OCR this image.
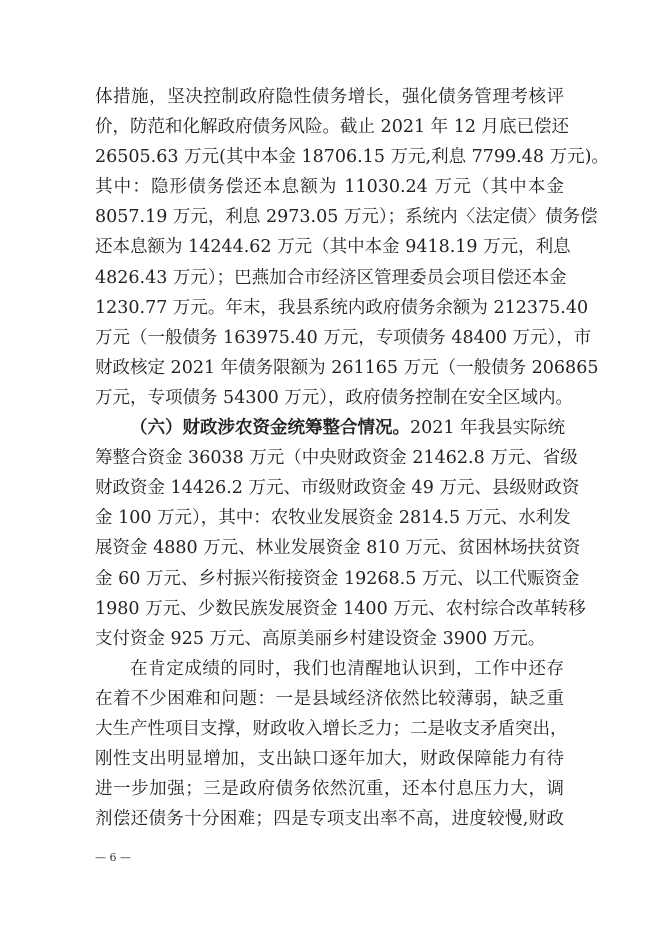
体措施，坚决控制政府隐性债务增长，强化债务管理考核评
价，防范和化解政府债务风险。截止 2021 年 12 月底已偿还
26505.63 万元(其中本金 18706.15 万元,利息 7799.48 万元)。
其中：隐形债务偿还本息额为 11030.24 万元（其中本金
8057.19 万元，利息 2973.05 万元）；系统内〈法定债〉债务偿
还本息额为 14244.62 万元（其中本金 9418.19 万元，利息
4826.43 万元）；巴燕加合市经济区管理委员会项目偿还本金
1230.77 万元。年末，我县系统内政府债务余额为 212375.40
万元（一般债务 163975.40 万元，专项债务 48400 万元），市
财政核定 2021 年债务限额为 261165 万元（一般债务 206865
万元，专项债务 54300 万元），政府债务控制在安全区域内。
（六）财政涉农资金统筹整合情况。2021 年我县实际统
筹整合资金 36038 万元（中央财政资金 21462.8 万元、省级
财政资金 14426.2 万元、市级财政资金 49 万元、县级财政资
金 100 万元），其中：农牧业发展资金 2814.5 万元、水利发
展资金 4880 万元、林业发展资金 810 万元、贫困林场扶贫资
金 60 万元、乡村振兴衔接资金 19268.5 万元、以工代赈资金
1980 万元、少数民族发展资金 1400 万元、农村综合改革转移
支付资金 925 万元、高原美丽乡村建设资金 3900 万元。
在肯定成绩的同时，我们也清醒地认识到，工作中还存
在着不少困难和问题：一是县域经济依然比较薄弱，缺乏重
大生产性项目支撑，财政收入增长乏力；二是收支矛盾突出，
刚性支出明显增加，支出缺口逐年加大，财政保障能力有待
进一步加强；三是政府债务依然沉重，还本付息压力大，调
剂偿还债务十分困难；四是专项支出率不高，进度较慢,财政
— 6 —
